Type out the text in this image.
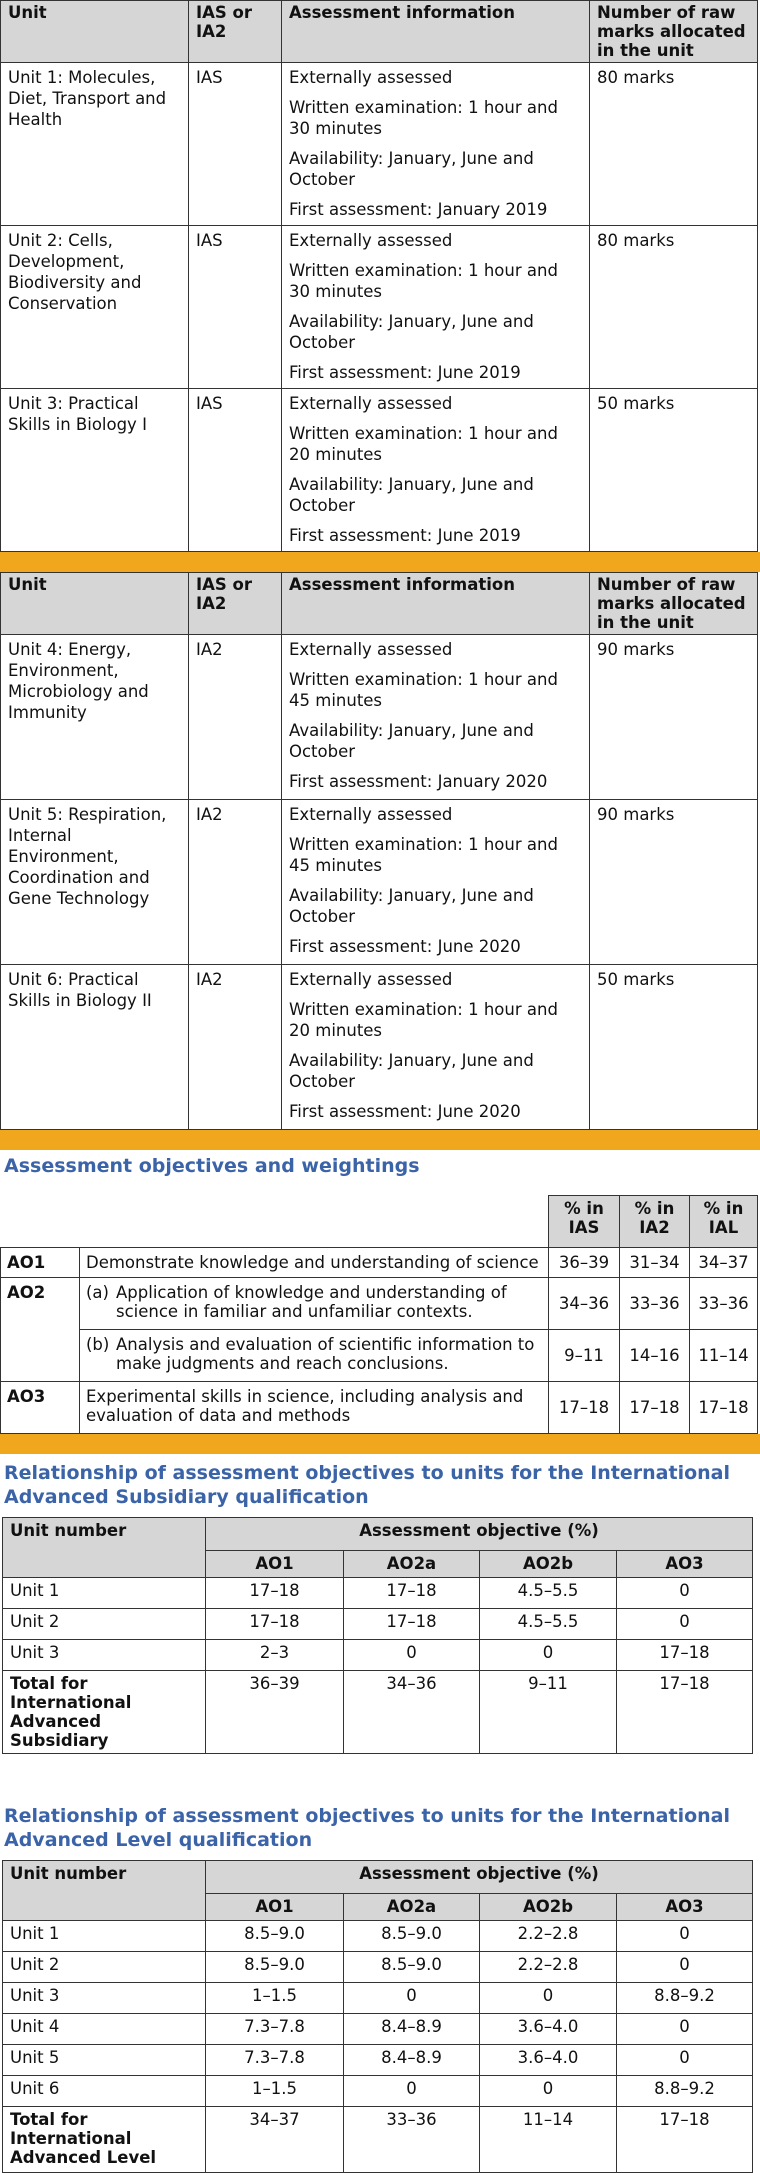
Unit	IAS or IA2	Assessment information	Number of raw marks allocated in the unit
Unit 1: Molecules, Diet, Transport and Health	IAS	Externally assessed
Written examination: 1 hour and 30 minutes
Availability: January, June and October
First assessment: January 2019	80 marks
Unit 2: Cells, Development, Biodiversity and Conservation	IAS	Externally assessed
Written examination: 1 hour and 30 minutes
Availability: January, June and October
First assessment: June 2019	80 marks
Unit 3: Practical Skills in Biology I	IAS	Externally assessed
Written examination: 1 hour and 20 minutes
Availability: January, June and October
First assessment: June 2019	50 marks
Unit	IAS or IA2	Assessment information	Number of raw marks allocated in the unit
Unit 4: Energy, Environment, Microbiology and Immunity	IA2	Externally assessed
Written examination: 1 hour and 45 minutes
Availability: January, June and October
First assessment: January 2020	90 marks
Unit 5: Respiration, Internal Environment, Coordination and Gene Technology	IA2	Externally assessed
Written examination: 1 hour and 45 minutes
Availability: January, June and October
First assessment: June 2020	90 marks
Unit 6: Practical Skills in Biology II	IA2	Externally assessed
Written examination: 1 hour and 20 minutes
Availability: January, June and October
First assessment: June 2020	50 marks
Assessment objectives and weightings
		% in IAS	% in IA2	% in IAL
AO1	Demonstrate knowledge and understanding of science	36–39	31–34	34–37
AO2	(a) Application of knowledge and understanding of science in familiar and unfamiliar contexts.	34–36	33–36	33–36

	(b) Analysis and evaluation of scientific information to make judgments and reach conclusions.	9–11	14–16	11–14
AO3	Experimental skills in science, including analysis and evaluation of data and methods	17–18	17–18	17–18
Relationship of assessment objectives to units for the International Advanced Subsidiary qualification
Unit number	Assessment objective (%)			
	AO1	AO2a	AO2b	AO3
Unit 1	17–18	17–18	4.5–5.5	0
Unit 2	17–18	17–18	4.5–5.5	0
Unit 3	2–3	0	0	17–18
Total for International Advanced Subsidiary	36–39	34–36	9–11	17–18
Relationship of assessment objectives to units for the International Advanced Level qualification
Unit number	Assessment objective (%)			
	AO1	AO2a	AO2b	AO3
Unit 1	8.5–9.0	8.5–9.0	2.2–2.8	0
Unit 2	8.5–9.0	8.5–9.0	2.2–2.8	0
Unit 3	1–1.5	0	0	8.8–9.2
Unit 4	7.3–7.8	8.4–8.9	3.6–4.0	0
Unit 5	7.3–7.8	8.4–8.9	3.6–4.0	0
Unit 6	1–1.5	0	0	8.8–9.2
Total for International Advanced Level	34–37	33–36	11–14	17–18
